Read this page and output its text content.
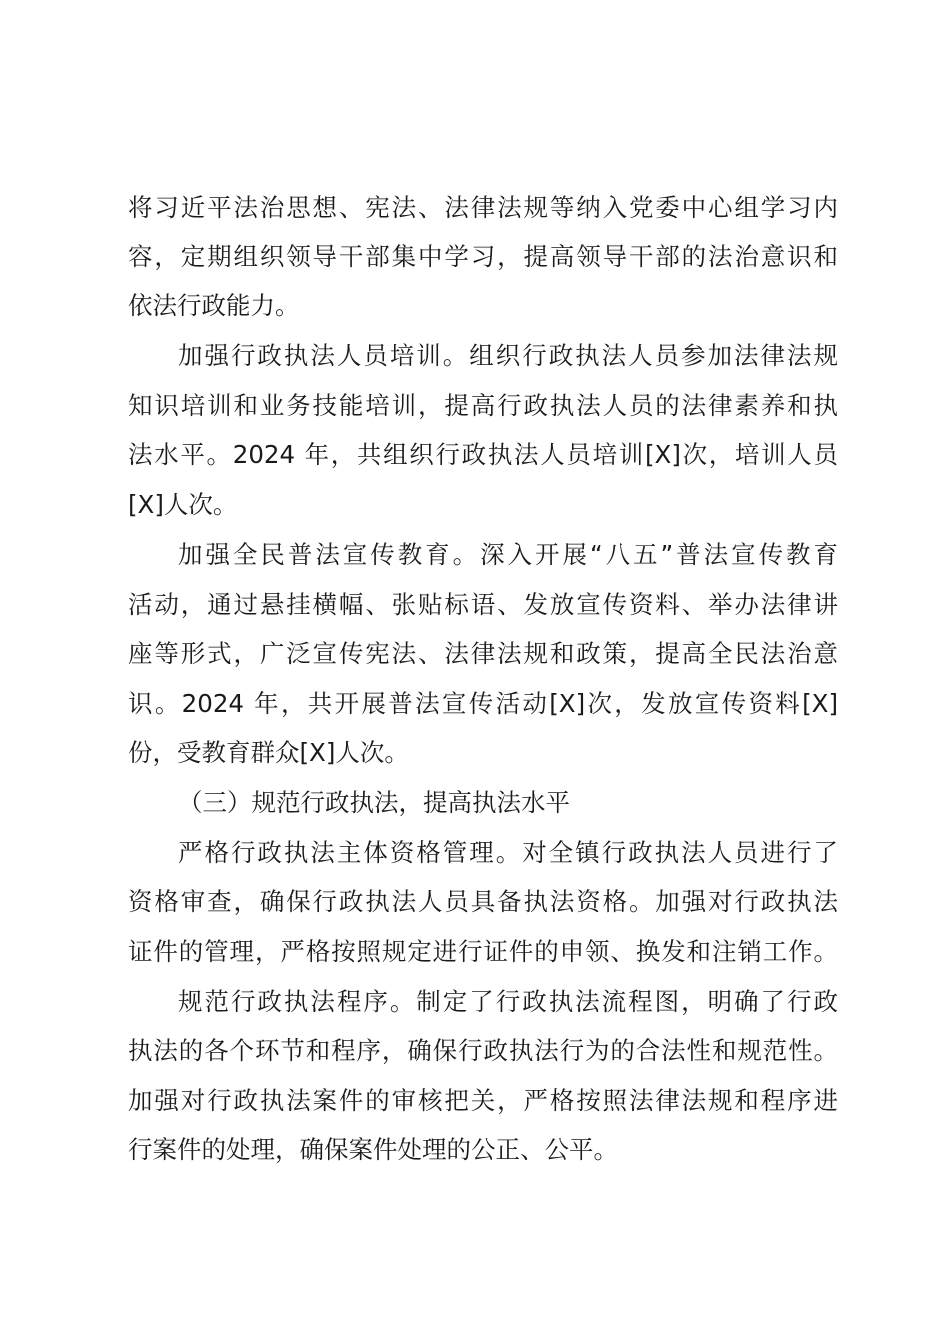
将习近平法治思想、宪法、法律法规等纳入党委中心组学习内
容，定期组织领导干部集中学习，提高领导干部的法治意识和
依法行政能力。
加强行政执法人员培训。组织行政执法人员参加法律法规
知识培训和业务技能培训，提高行政执法人员的法律素养和执
法水平。2024 年，共组织行政执法人员培训[X]次，培训人员
[X]人次。
加强全民普法宣传教育。深入开展“八五”普法宣传教育
活动，通过悬挂横幅、张贴标语、发放宣传资料、举办法律讲
座等形式，广泛宣传宪法、法律法规和政策，提高全民法治意
识。2024 年，共开展普法宣传活动[X]次，发放宣传资料[X]
份，受教育群众[X]人次。
（三）规范行政执法，提高执法水平
严格行政执法主体资格管理。对全镇行政执法人员进行了
资格审查，确保行政执法人员具备执法资格。加强对行政执法
证件的管理，严格按照规定进行证件的申领、换发和注销工作。
规范行政执法程序。制定了行政执法流程图，明确了行政
执法的各个环节和程序，确保行政执法行为的合法性和规范性。
加强对行政执法案件的审核把关，严格按照法律法规和程序进
行案件的处理，确保案件处理的公正、公平。
